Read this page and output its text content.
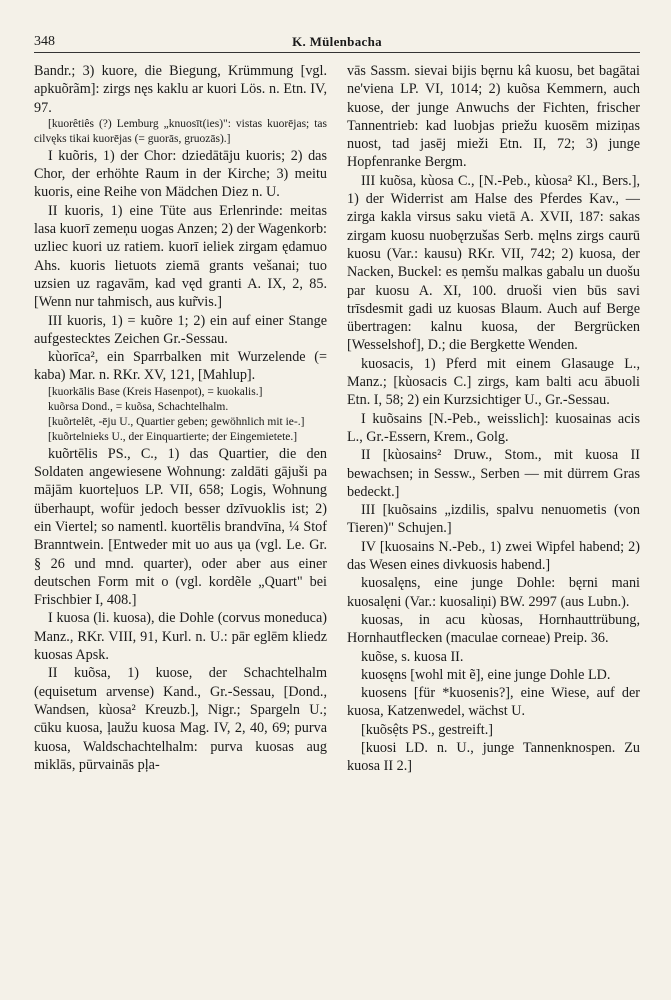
348	K. Mülenbacha

Bandr.; 3) kuore, die Biegung, Krümmung [vgl. apkuõrãm]: zirgs nęs kaklu ar kuori Lös. n. Etn. IV, 97.

[kuorêtiês (?) Lemburg „knuosīt(ies)": vistas kuorējas; tas cilvęks tikai kuorējas (= guorās, gruozās).]

I kuõris, 1) der Chor: dziedātāju kuoris; 2) das Chor, der erhöhte Raum in der Kirche; 3) meitu kuoris, eine Reihe von Mädchen Diez n. U.

II kuoris, 1) eine Tüte aus Erlenrinde: meitas lasa kuorī zemeņu uogas Anzen; 2) der Wagenkorb: uzliec kuori uz ratiem. kuorī ieliek zirgam ędamuo Ahs. kuoris lietuots ziemā grants vešanai; tuo uzsien uz ragavām, kad vęd granti A. IX, 2, 85. [Wenn nur tahmisch, aus kur̃vis.]

III kuoris, 1) = kuõre 1; 2) ein auf einer Stange aufgestecktes Zeichen Gr.-Sessau.

kùorīca², ein Sparrbalken mit Wurzelende (= kaba) Mar. n. RKr. XV, 121, [Mahlup].

[kuorkālis Base (Kreis Hasenpot), = kuokalis.]

kuõrsa Dond., = kuõsa, Schachtelhalm.

[kuõrtelêt, -ēju U., Quartier geben; gewöhnlich mit ie-.]

[kuõrtelnieks U., der Einquartierte; der Eingemietete.]

kuõrtēlis PS., C., 1) das Quartier, die den Soldaten angewiesene Wohnung: zaldāti gājuši pa mājām kuorteļuos LP. VII, 658; Logis, Wohnung überhaupt, wofür jedoch besser dzīvuoklis ist; 2) ein Viertel; so namentl. kuortēlis brandvīna, ¼ Stof Branntwein. [Entweder mit uo aus ụa (vgl. Le. Gr. § 26 und mnd. quarter), oder aber aus einer deutschen Form mit o (vgl. kordẽle „Quart" bei Frischbier I, 408.]

I kuosa (li. kuosa), die Dohle (corvus moneduca) Manz., RKr. VIII, 91, Kurl. n. U.: pār eglēm kliedz kuosas Apsk.

II kuõsa, 1) kuose, der Schachtelhalm (equisetum arvense) Kand., Gr.-Sessau, [Dond., Wandsen, kùosa² Kreuzb.], Nigr.; Spargeln U.; cūku kuosa, ļaužu kuosa Mag. IV, 2, 40, 69; purva kuosa, Waldschachtelhalm: purva kuosas aug miklās, pūrvainās pļa-

vās Sassm. sievai bijis bęrnu kâ kuosu, bet bagātai ne'viena LP. VI, 1014; 2) kuõsa Kemmern, auch kuose, der junge Anwuchs der Fichten, frischer Tannentrieb: kad luobjas priežu kuosēm miziņas nuost, tad jasēj mieži Etn. II, 72; 3) junge Hopfenranke Bergm.

III kuõsa, kùosa C., [N.-Peb., kùosa² Kl., Bers.], 1) der Widerrist am Halse des Pferdes Kav., — zirga kakla virsus saku vietā A. XVII, 187: sakas zirgam kuosu nuobęrzušas Serb. męlns zirgs caurū kuosu (Var.: kausu) RKr. VII, 742; 2) kuosa, der Nacken, Buckel: es ņemšu malkas gabalu un duošu par kuosu A. XI, 100. druoši vien būs savi trīsdesmit gadi uz kuosas Blaum. Auch auf Berge übertragen: kalnu kuosa, der Bergrücken [Wesselshof], D.; die Bergkette Wenden.

kuosacis, 1) Pferd mit einem Glasauge L., Manz.; [kùosacis C.] zirgs, kam balti acu ābuoli Etn. I, 58; 2) ein Kurzsichtiger U., Gr.-Sessau.

I kuõsains [N.-Peb., weisslich]: kuosainas acis L., Gr.-Essern, Krem., Golg.

II [kùosains² Druw., Stom., mit kuosa II bewachsen; in Sessw., Serben — mit dürrem Gras bedeckt.]

III [kuõsains „izdilis, spalvu nenuometis (von Tieren)" Schujen.]

IV [kuosains N.-Peb., 1) zwei Wipfel habend; 2) das Wesen eines divkuosis habend.]

kuosalęns, eine junge Dohle: bęrni mani kuosalęni (Var.: kuosaliņi) BW. 2997 (aus Lubn.).

kuosas, in acu kùosas, Hornhauttrübung, Hornhautflecken (maculae corneae) Preip. 36.

kuõse, s. kuosa II.

kuosęns [wohl mit ẽ], eine junge Dohle LD.

kuosens [für *kuosenis?], eine Wiese, auf der kuosa, Katzenwedel, wächst U.

[kuõsệts PS., gestreift.]

[kuosi LD. n. U., junge Tannenknospen. Zu kuosa II 2.]
